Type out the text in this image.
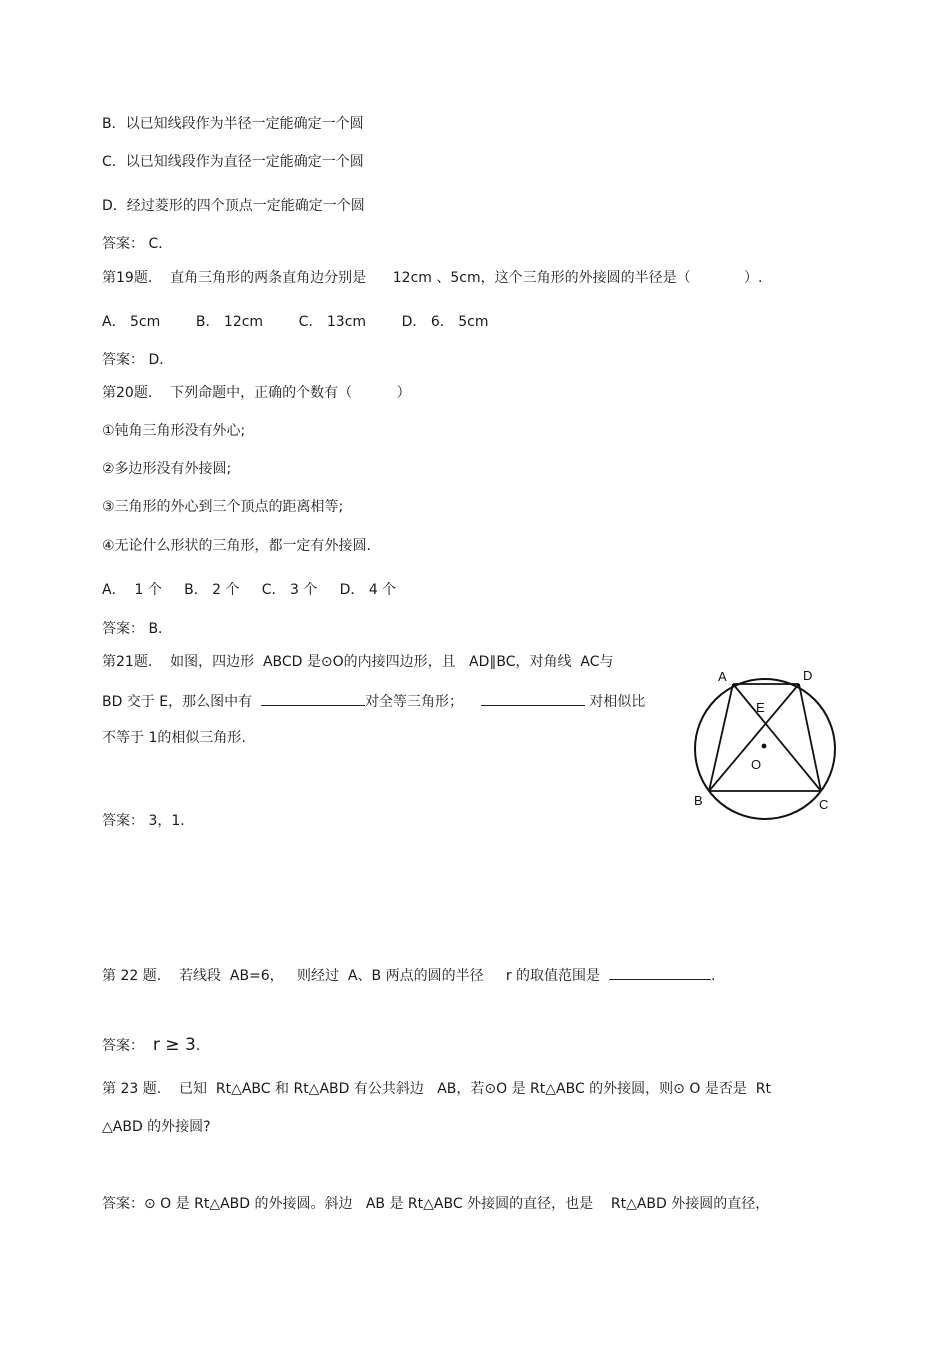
B．以已知线段作为半径一定能确定一个圆
C．以已知线段作为直径一定能确定一个圆
D．经过菱形的四个顶点一定能确定一个圆
答案： C．
第19题.    直角三角形的两条直角边分别是      12cm 、5cm，这个三角形的外接圆的半径是（            ）.
A． 5cm        B． 12cm        C． 13cm        D． 6． 5cm
答案： D．
第20题.    下列命题中，正确的个数有（          ）
①钝角三角形没有外心;
②多边形没有外接圆;
③三角形的外心到三个顶点的距离相等;
④无论什么形状的三角形，都一定有外接圆.
A．  1 个     B． 2 个     C． 3 个     D． 4 个
答案： B．
第21题.    如图，四边形  ABCD 是⊙O的内接四边形，且   AD∥BC，对角线  AC与
BD 交于 E，那么图中有	对全等三角形；	对相似比
不等于 1的相似三角形.
答案： 3，1.
A	D
E
O
B	C
第 22 题.    若线段  AB=6，   则经过  A、B 两点的圆的半径     r 的取值范围是	.
答案：  r ≥ 3.
第 23 题.    已知  Rt△ABC 和 Rt△ABD 有公共斜边   AB，若⊙O 是 Rt△ABC 的外接圆，则⊙ O 是否是  Rt
△ABD 的外接圆?
答案：⊙ O 是 Rt△ABD 的外接圆。斜边   AB 是 Rt△ABC 外接圆的直径，也是    Rt△ABD 外接圆的直径，
